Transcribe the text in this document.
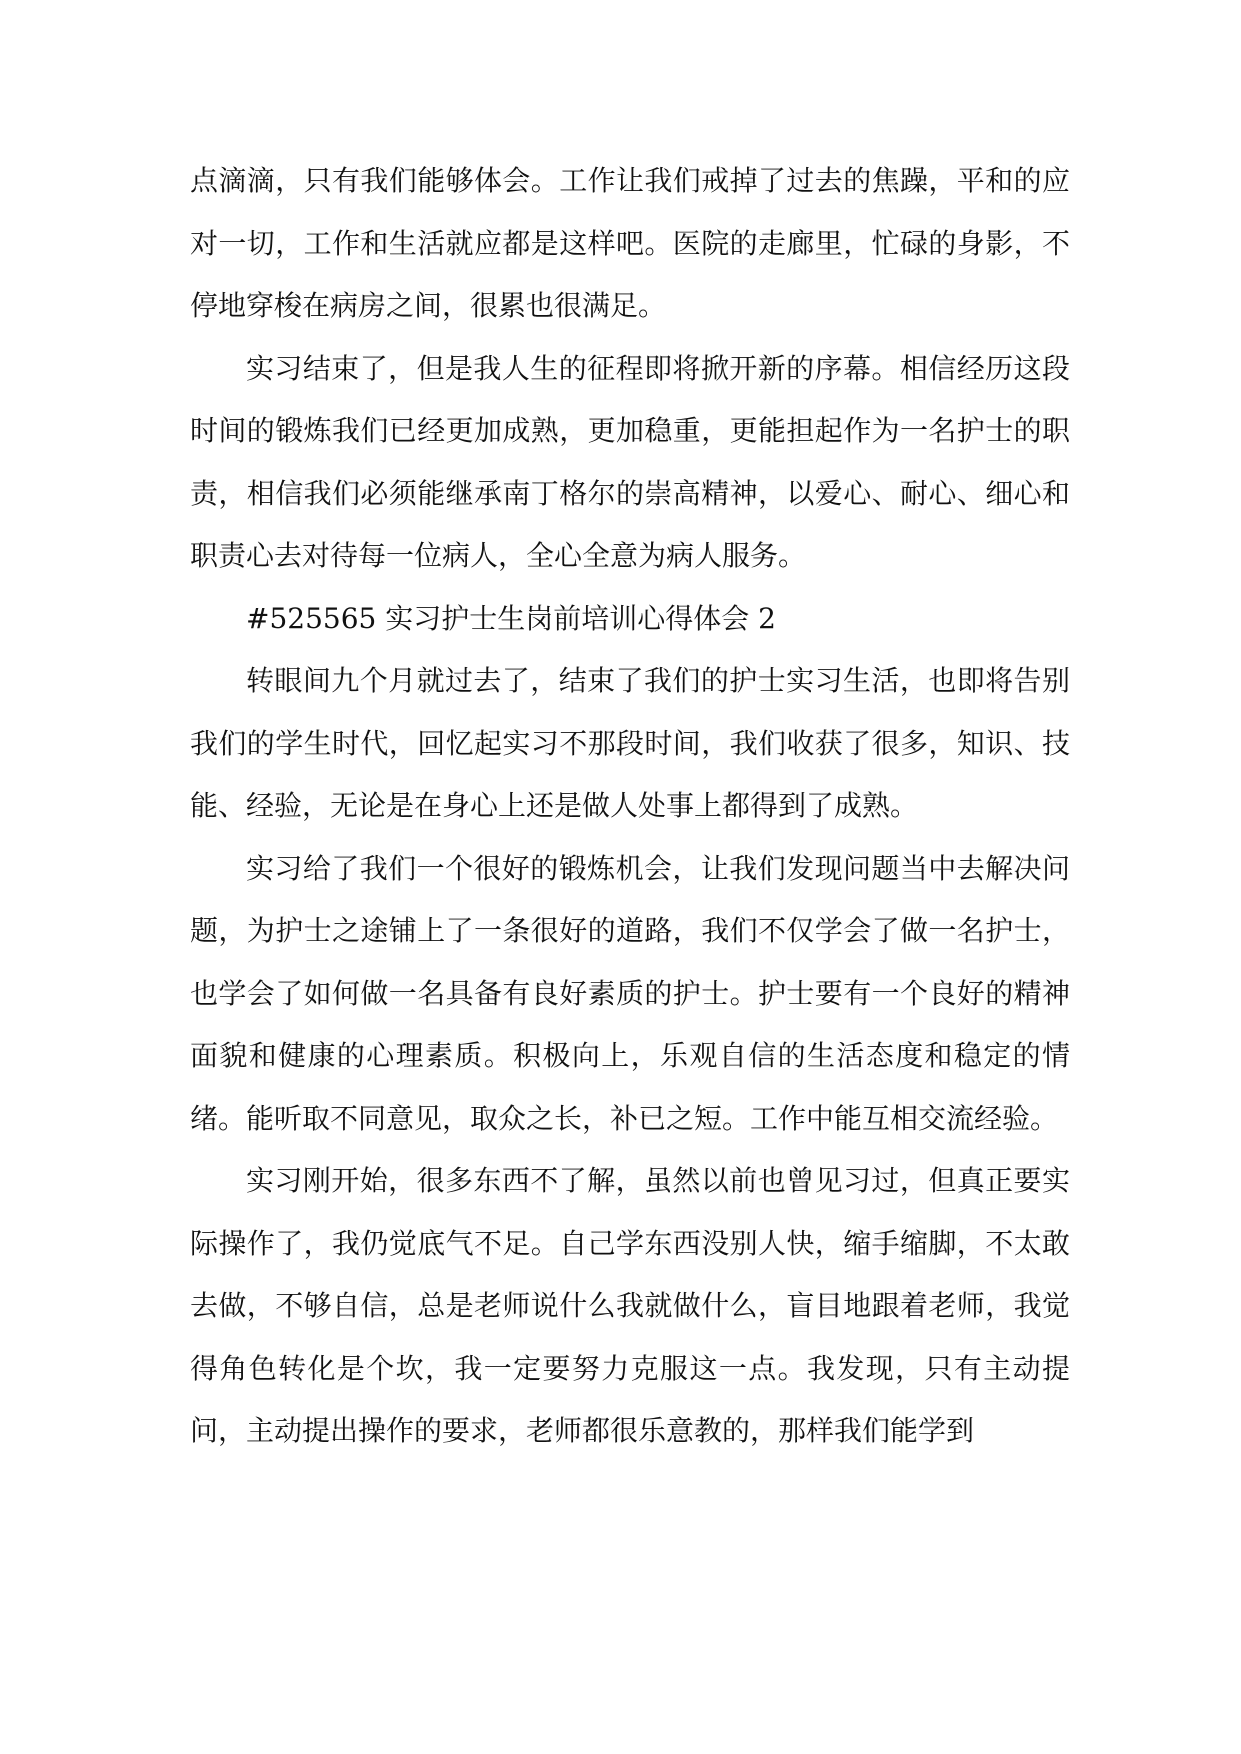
点滴滴，只有我们能够体会。工作让我们戒掉了过去的焦躁，平和的应对一切，工作和生活就应都是这样吧。医院的走廊里，忙碌的身影，不停地穿梭在病房之间，很累也很满足。

实习结束了，但是我人生的征程即将掀开新的序幕。相信经历这段时间的锻炼我们已经更加成熟，更加稳重，更能担起作为一名护士的职责，相信我们必须能继承南丁格尔的崇高精神，以爱心、耐心、细心和职责心去对待每一位病人，全心全意为病人服务。

#525565 实习护士生岗前培训心得体会 2

转眼间九个月就过去了，结束了我们的护士实习生活，也即将告别我们的学生时代，回忆起实习不那段时间，我们收获了很多，知识、技能、经验，无论是在身心上还是做人处事上都得到了成熟。

实习给了我们一个很好的锻炼机会，让我们发现问题当中去解决问题，为护士之途铺上了一条很好的道路，我们不仅学会了做一名护士，也学会了如何做一名具备有良好素质的护士。护士要有一个良好的精神面貌和健康的心理素质。积极向上，乐观自信的生活态度和稳定的情绪。能听取不同意见，取众之长，补已之短。工作中能互相交流经验。

实习刚开始，很多东西不了解，虽然以前也曾见习过，但真正要实际操作了，我仍觉底气不足。自己学东西没别人快，缩手缩脚，不太敢去做，不够自信，总是老师说什么我就做什么，盲目地跟着老师，我觉得角色转化是个坎，我一定要努力克服这一点。我发现，只有主动提问，主动提出操作的要求，老师都很乐意教的，那样我们能学到
